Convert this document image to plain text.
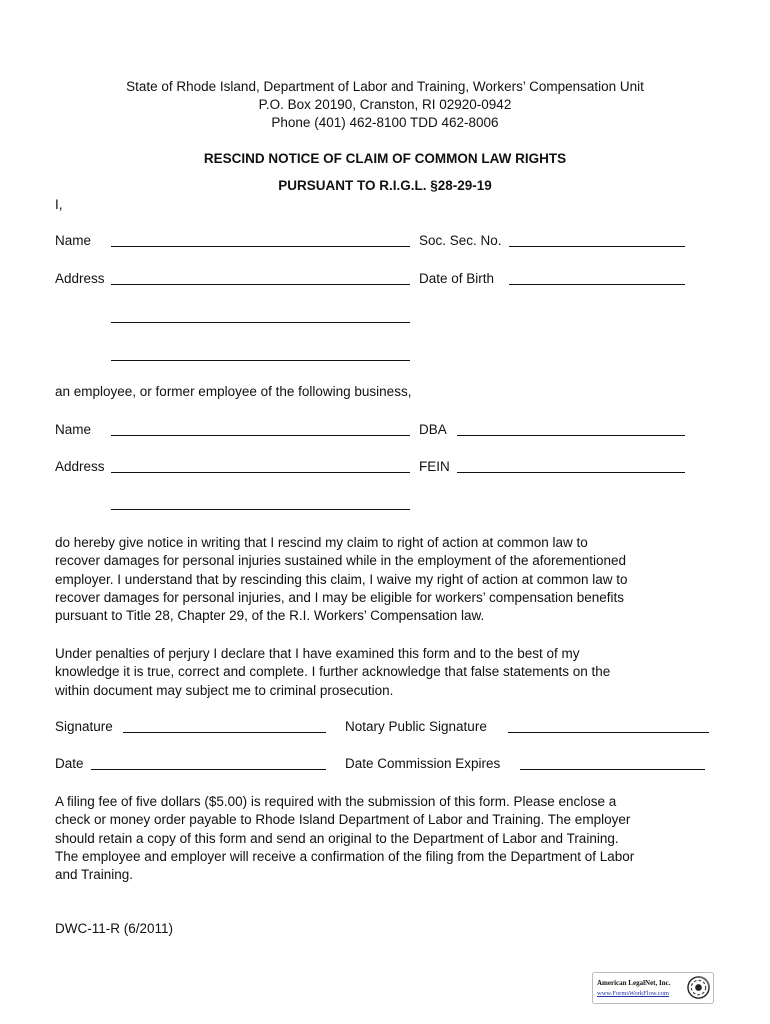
State of Rhode Island, Department of Labor and Training, Workers’ Compensation Unit
P.O. Box 20190, Cranston, RI 02920-0942
Phone (401) 462-8100 TDD 462-8006
RESCIND NOTICE OF CLAIM OF COMMON LAW RIGHTS
PURSUANT TO R.I.G.L. §28-29-19
I,
Name	Soc. Sec. No.
Address	Date of Birth
an employee, or former employee of the following business,
Name	DBA
Address	FEIN
do hereby give notice in writing that I rescind my claim to right of action at common law to
recover damages for personal injuries sustained while in the employment of the aforementioned
employer. I understand that by rescinding this claim, I waive my right of action at common law to
recover damages for personal injuries, and I may be eligible for workers’ compensation benefits
pursuant to Title 28, Chapter 29, of the R.I. Workers’ Compensation law.
Under penalties of perjury I declare that I have examined this form and to the best of my
knowledge it is true, correct and complete. I further acknowledge that false statements on the
within document may subject me to criminal prosecution.
Signature	Notary Public Signature
Date	Date Commission Expires
A filing fee of five dollars ($5.00) is required with the submission of this form. Please enclose a
check or money order payable to Rhode Island Department of Labor and Training. The employer
should retain a copy of this form and send an original to the Department of Labor and Training.
The employee and employer will receive a confirmation of the filing from the Department of Labor
and Training.
DWC-11-R (6/2011)
American LegalNet, Inc.
www.FormsWorkFlow.com
